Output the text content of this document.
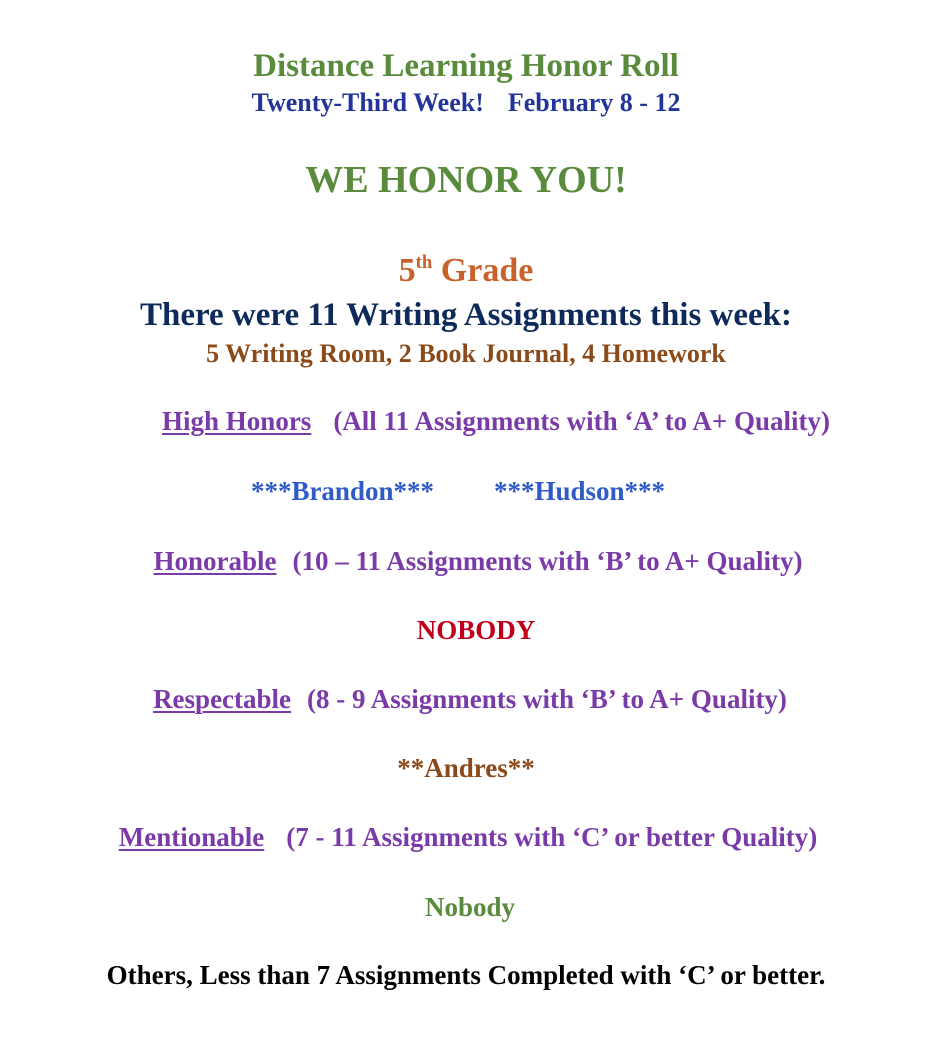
Distance Learning Honor Roll
Twenty-Third Week! February 8 - 12
WE HONOR YOU!
5th Grade
There were 11 Writing Assignments this week:
5 Writing Room, 2 Book Journal, 4 Homework
High Honors (All 11 Assignments with ‘A’ to A+ Quality)
***Brandon*** ***Hudson***
Honorable (10 – 11 Assignments with ‘B’ to A+ Quality)
NOBODY
Respectable (8 - 9 Assignments with ‘B’ to A+ Quality)
**Andres**
Mentionable (7 - 11 Assignments with ‘C’ or better Quality)
Nobody
Others, Less than 7 Assignments Completed with ‘C’ or better.
